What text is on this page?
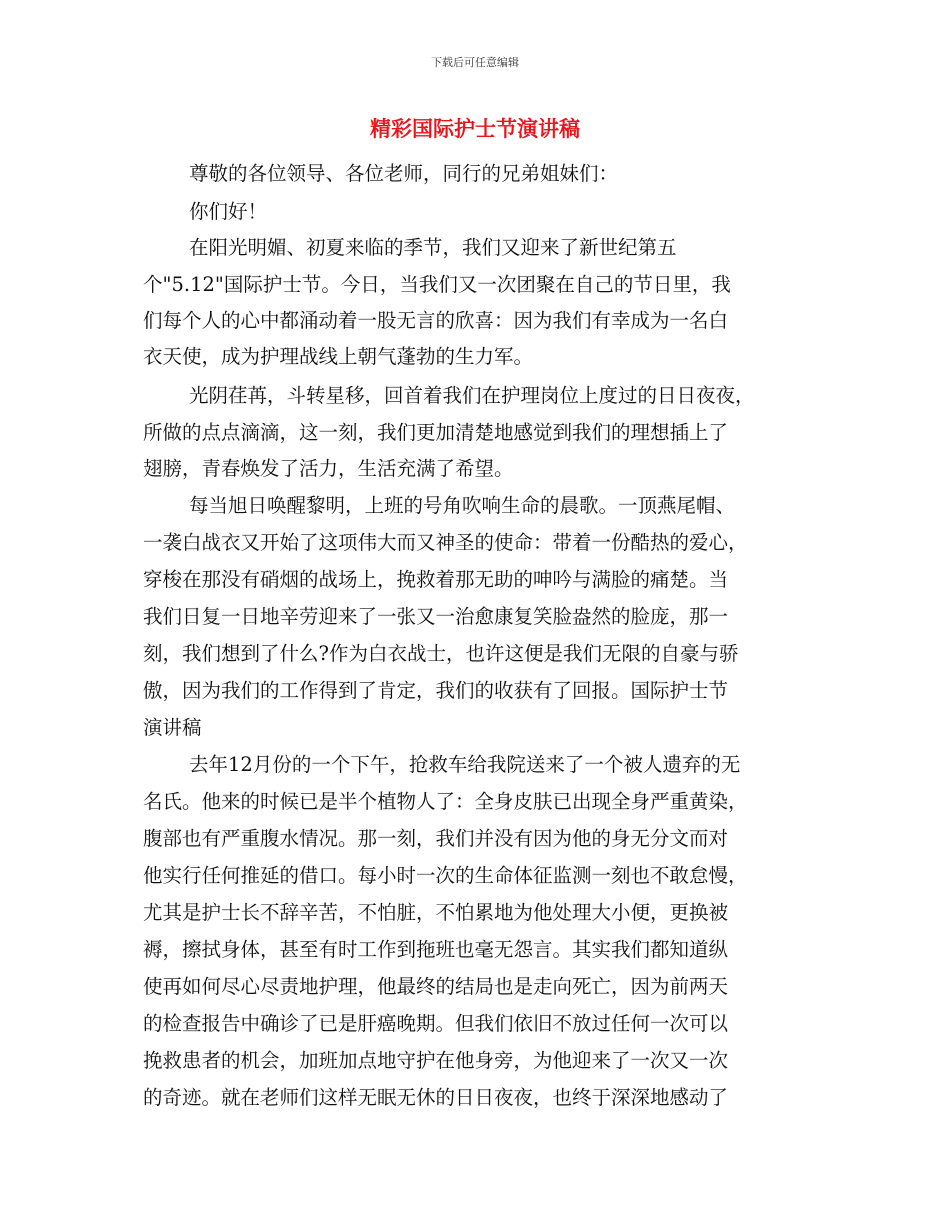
下载后可任意编辑
精彩国际护士节演讲稿
尊敬的各位领导、各位老师，同行的兄弟姐妹们：
你们好！
在阳光明媚、初夏来临的季节，我们又迎来了新世纪第五
个"5.12"国际护士节。今日，当我们又一次团聚在自己的节日里，我
们每个人的心中都涌动着一股无言的欣喜：因为我们有幸成为一名白
衣天使，成为护理战线上朝气蓬勃的生力军。
光阴荏苒，斗转星移，回首着我们在护理岗位上度过的日日夜夜，
所做的点点滴滴，这一刻，我们更加清楚地感觉到我们的理想插上了
翅膀，青春焕发了活力，生活充满了希望。
每当旭日唤醒黎明，上班的号角吹响生命的晨歌。一顶燕尾帽、
一袭白战衣又开始了这项伟大而又神圣的使命：带着一份酷热的爱心，
穿梭在那没有硝烟的战场上，挽救着那无助的呻吟与满脸的痛楚。当
我们日复一日地辛劳迎来了一张又一治愈康复笑脸盎然的脸庞，那一
刻，我们想到了什么?作为白衣战士，也许这便是我们无限的自豪与骄
傲，因为我们的工作得到了肯定，我们的收获有了回报。国际护士节
演讲稿
去年12月份的一个下午，抢救车给我院送来了一个被人遗弃的无
名氏。他来的时候已是半个植物人了：全身皮肤已出现全身严重黄染，
腹部也有严重腹水情况。那一刻，我们并没有因为他的身无分文而对
他实行任何推延的借口。每小时一次的生命体征监测一刻也不敢怠慢，
尤其是护士长不辞辛苦，不怕脏，不怕累地为他处理大小便，更换被
褥，擦拭身体，甚至有时工作到拖班也毫无怨言。其实我们都知道纵
使再如何尽心尽责地护理，他最终的结局也是走向死亡，因为前两天
的检查报告中确诊了已是肝癌晚期。但我们依旧不放过任何一次可以
挽救患者的机会，加班加点地守护在他身旁，为他迎来了一次又一次
的奇迹。就在老师们这样无眠无休的日日夜夜，也终于深深地感动了
